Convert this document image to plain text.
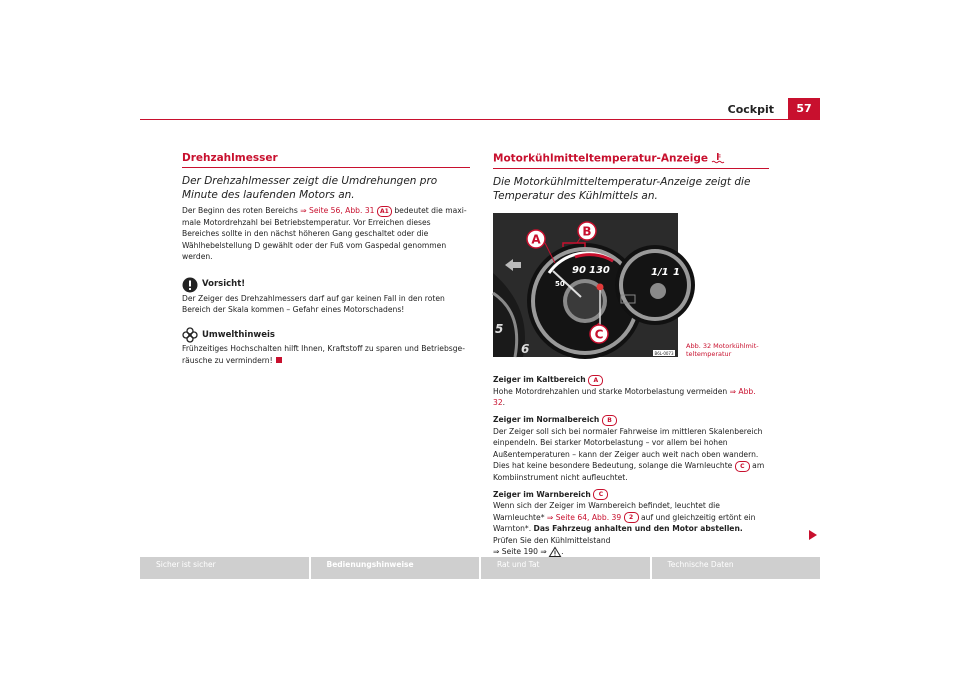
Cockpit	57
Drehzahlmesser
Der Drehzahlmesser zeigt die Umdrehungen pro Minute des laufenden Motors an.

Der Beginn des roten Bereichs ⇒ Seite 56, Abb. 31 A1 bedeutet die maximale Motordrehzahl bei Betriebstemperatur. Vor Erreichen dieses Bereiches sollte in den nächst höheren Gang geschaltet oder die Wählhebelstellung D gewählt oder der Fuß vom Gaspedal genommen werden.

Vorsicht!

Der Zeiger des Drehzahlmessers darf auf gar keinen Fall in den roten Bereich der Skala kommen – Gefahr eines Motorschadens!

Umwelthinweis

Frühzeitiges Hochschalten hilft Ihnen, Kraftstoff zu sparen und Betriebsgeräusche zu vermindern!

Motorkühlmitteltemperatur-Anzeige
Die Motorkühlmitteltemperatur-Anzeige zeigt die Temperatur des Kühlmittels an.
90 130
50
1/1 1
6
5
A
B
C
B6L-0073
Abb. 32 Motorkühlmitteltemperatur
Zeiger im Kaltbereich A

Hohe Motordrehzahlen und starke Motorbelastung vermeiden ⇒ Abb. 32.

Zeiger im Normalbereich B

Der Zeiger soll sich bei normaler Fahrweise im mittleren Skalenbereich einpendeln. Bei starker Motorbelastung – vor allem bei hohen Außentemperaturen – kann der Zeiger auch weit nach oben wandern. Dies hat keine besondere Bedeutung, solange die Warnleuchte C am Kombiinstrument nicht aufleuchtet.

Zeiger im Warnbereich C

Wenn sich der Zeiger im Warnbereich befindet, leuchtet die Warnleuchte* ⇒ Seite 64, Abb. 39 2 auf und gleichzeitig ertönt ein Warnton*. Das Fahrzeug anhalten und den Motor abstellen. Prüfen Sie den Kühlmittelstand
⇒ Seite 190 ⇒ .

Sicher ist sicher	Bedienungshinweise	Rat und Tat	Technische Daten
